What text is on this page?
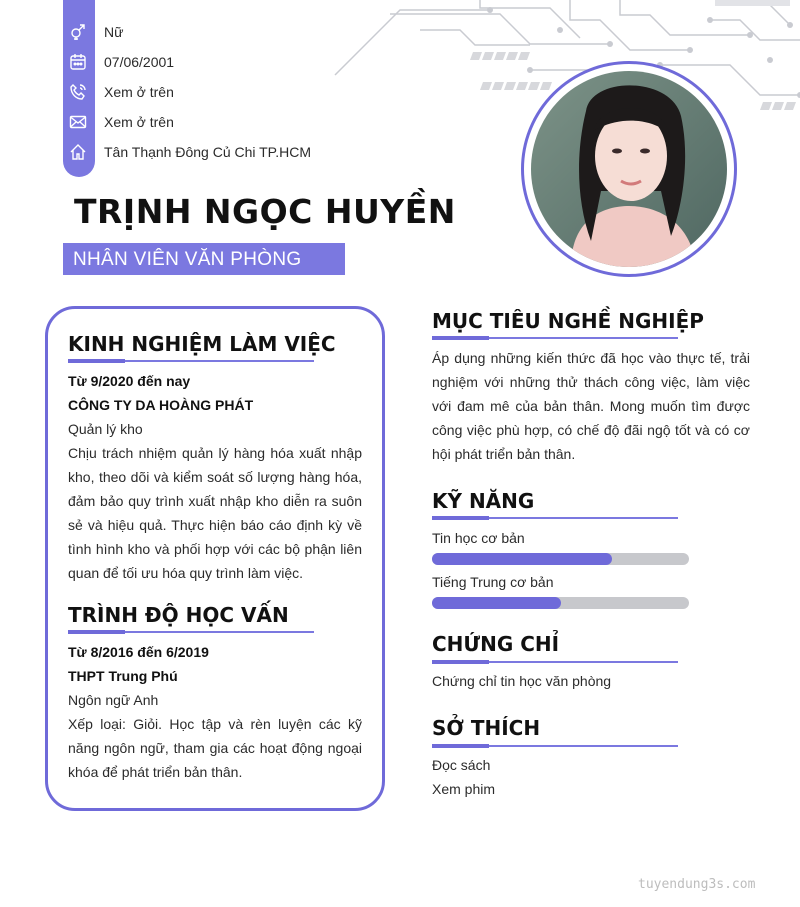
Nữ
07/06/2001
Xem ở trên
Xem ở trên
Tân Thạnh Đông Củ Chi TP.HCM
TRỊNH NGỌC HUYỀN
NHÂN VIÊN VĂN PHÒNG
KINH NGHIỆM LÀM VIỆC
Từ 9/2020 đến nay
CÔNG TY DA HOÀNG PHÁT
Quản lý kho
Chịu trách nhiệm quản lý hàng hóa xuất nhập kho, theo dõi và kiểm soát số lượng hàng hóa, đảm bảo quy trình xuất nhập kho diễn ra suôn sẻ và hiệu quả. Thực hiện báo cáo định kỳ về tình hình kho và phối hợp với các bộ phận liên quan để tối ưu hóa quy trình làm việc.
TRÌNH ĐỘ HỌC VẤN
Từ 8/2016 đến 6/2019
THPT Trung Phú
Ngôn ngữ Anh
Xếp loại: Giỏi. Học tập và rèn luyện các kỹ năng ngôn ngữ, tham gia các hoạt động ngoại khóa để phát triển bản thân.
MỤC TIÊU NGHỀ NGHIỆP
Áp dụng những kiến thức đã học vào thực tế, trải nghiệm với những thử thách công việc, làm việc với đam mê của bản thân. Mong muốn tìm được công việc phù hợp, có chế độ đãi ngộ tốt và có cơ hội phát triển bản thân.
KỸ NĂNG
Tin học cơ bản
Tiếng Trung cơ bản
CHỨNG CHỈ
Chứng chỉ tin học văn phòng
SỞ THÍCH
Đọc sách
Xem phim
tuyendung3s.com
